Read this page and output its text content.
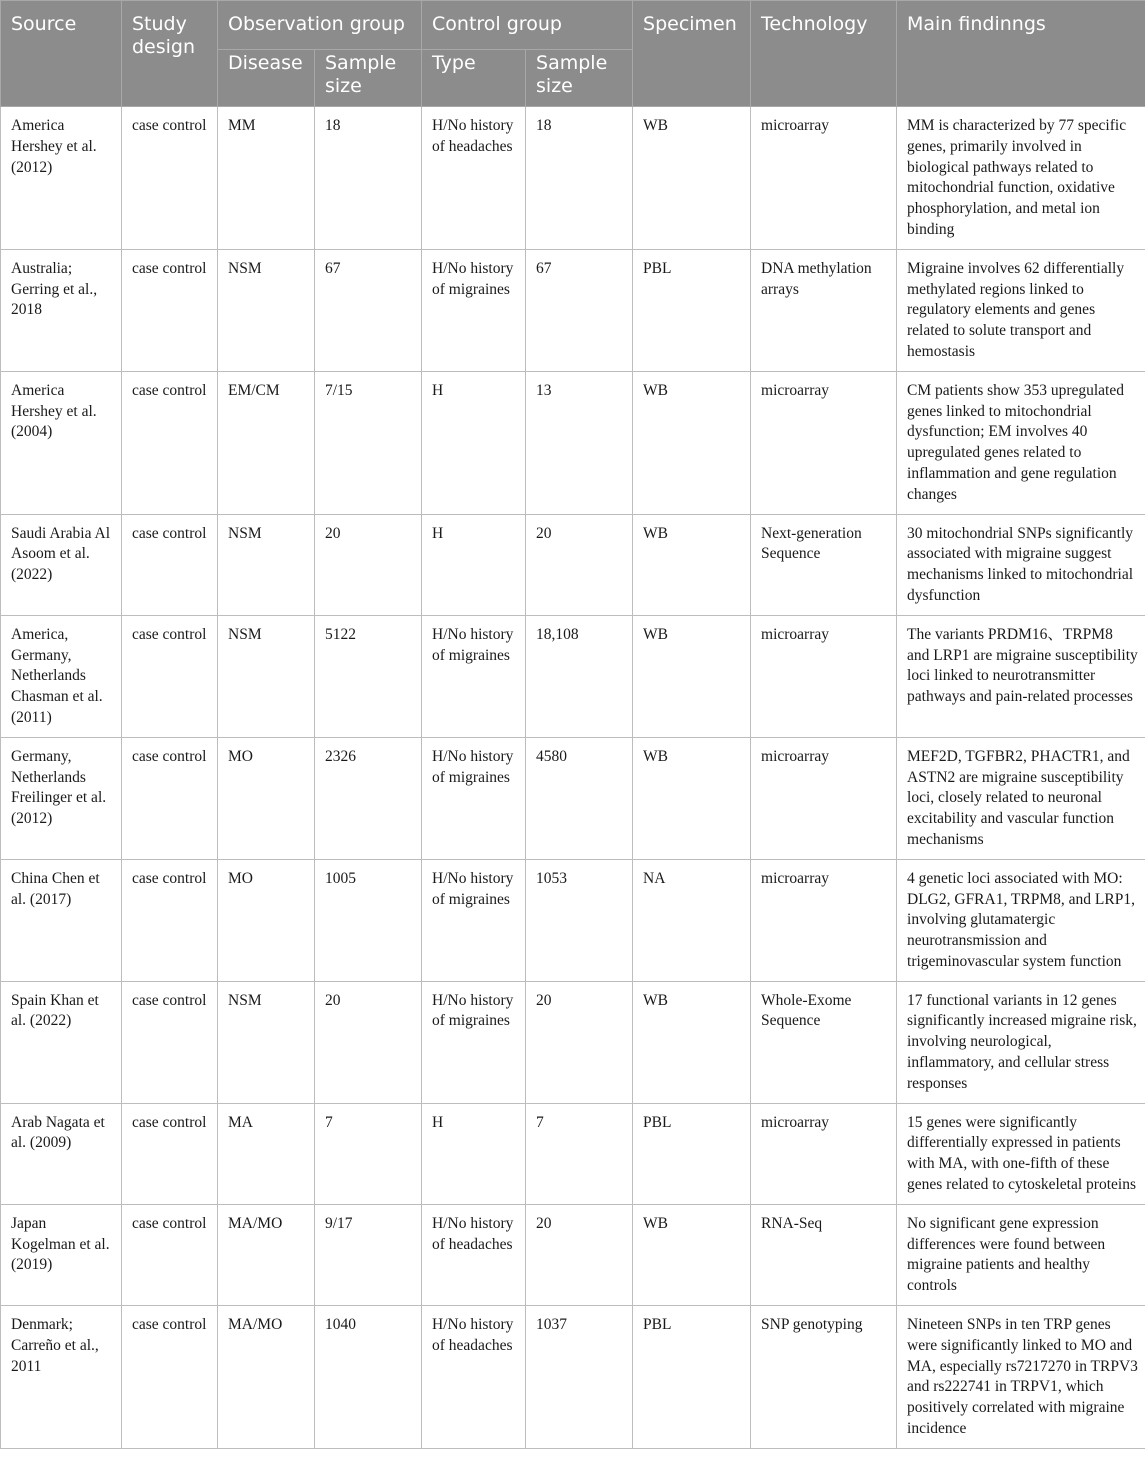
Source	Study design	Observation group		Control group		Specimen	Technology	Main findinngs
		Disease	Sample size	Type	Sample size			
America Hershey et al. (2012)	case control	MM	18	H/No history of headaches	18	WB	microarray	MM is characterized by 77 specific genes, primarily involved in biological pathways related to mitochondrial function, oxidative phosphorylation, and metal ion binding
Australia; Gerring et al., 2018	case control	NSM	67	H/No history of migraines	67	PBL	DNA methylation arrays	Migraine involves 62 differentially methylated regions linked to regulatory elements and genes related to solute transport and hemostasis
America Hershey et al. (2004)	case control	EM/CM	7/15	H	13	WB	microarray	CM patients show 353 upregulated genes linked to mitochondrial dysfunction; EM involves 40 upregulated genes related to inflammation and gene regulation changes
Saudi Arabia Al Asoom et al. (2022)	case control	NSM	20	H	20	WB	Next-generation Sequence	30 mitochondrial SNPs significantly associated with migraine suggest mechanisms linked to mitochondrial dysfunction
America, Germany, Netherlands Chasman et al. (2011)	case control	NSM	5122	H/No history of migraines	18,108	WB	microarray	The variants PRDM16、TRPM8 and LRP1 are migraine susceptibility loci linked to neurotransmitter pathways and pain-related processes
Germany, Netherlands Freilinger et al. (2012)	case control	MO	2326	H/No history of migraines	4580	WB	microarray	MEF2D, TGFBR2, PHACTR1, and ASTN2 are migraine susceptibility loci, closely related to neuronal excitability and vascular function mechanisms
China Chen et al. (2017)	case control	MO	1005	H/No history of migraines	1053	NA	microarray	4 genetic loci associated with MO: DLG2, GFRA1, TRPM8, and LRP1, involving glutamatergic neurotransmission and trigeminovascular system function
Spain Khan et al. (2022)	case control	NSM	20	H/No history of migraines	20	WB	Whole-Exome Sequence	17 functional variants in 12 genes significantly increased migraine risk, involving neurological, inflammatory, and cellular stress responses
Arab Nagata et al. (2009)	case control	MA	7	H	7	PBL	microarray	15 genes were significantly differentially expressed in patients with MA, with one-fifth of these genes related to cytoskeletal proteins
Japan Kogelman et al. (2019)	case control	MA/MO	9/17	H/No history of headaches	20	WB	RNA-Seq	No significant gene expression differences were found between migraine patients and healthy controls
Denmark; Carreño et al., 2011	case control	MA/MO	1040	H/No history of headaches	1037	PBL	SNP genotyping	Nineteen SNPs in ten TRP genes were significantly linked to MO and MA, especially rs7217270 in TRPV3 and rs222741 in TRPV1, which positively correlated with migraine incidence
